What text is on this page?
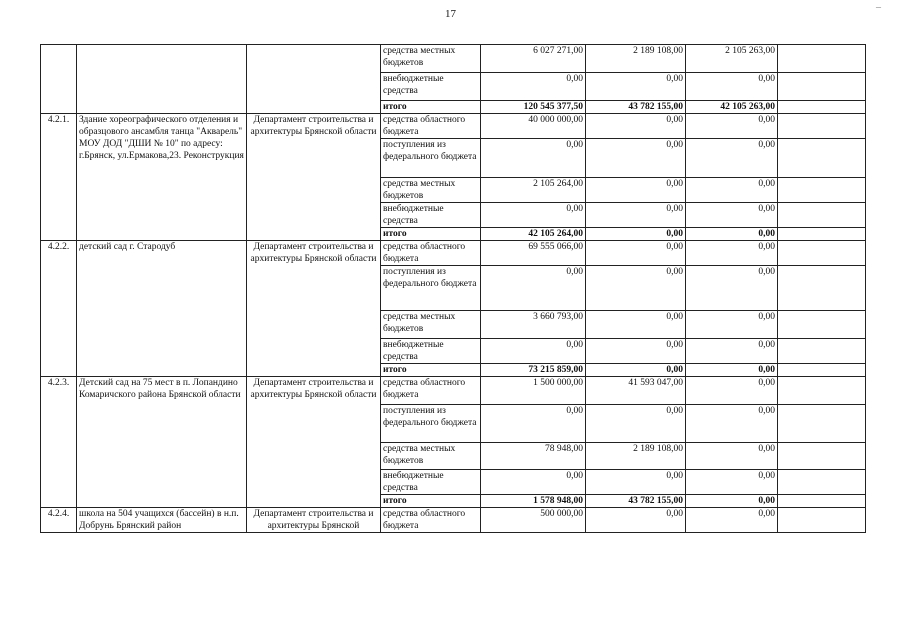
17
–
			средства местных бюджетов	6 027 271,00	2 189 108,00	2 105 263,00	
			внебюджетные средства	0,00	0,00	0,00	
			итого	120 545 377,50	43 782 155,00	42 105 263,00	
4.2.1.	Здание хореографического отделения и образцового ансамбля танца "Акварель" МОУ ДОД "ДШИ № 10" по адресу: г.Брянск, ул.Ермакова,23. Реконструкция	Департамент строительства и архитектуры Брянской области	средства областного бюджета	40 000 000,00	0,00	0,00	
			поступления из федерального бюджета	0,00	0,00	0,00	
			средства местных бюджетов	2 105 264,00	0,00	0,00	
			внебюджетные средства	0,00	0,00	0,00	
			итого	42 105 264,00	0,00	0,00	
4.2.2.	детский сад г. Стародуб	Департамент строительства и архитектуры Брянской области	средства областного бюджета	69 555 066,00	0,00	0,00	
			поступления из федерального бюджета	0,00	0,00	0,00	
			средства местных бюджетов	3 660 793,00	0,00	0,00	
			внебюджетные средства	0,00	0,00	0,00	
			итого	73 215 859,00	0,00	0,00	
4.2.3.	Детский сад на 75 мест в п. Лопандино Комаричского района Брянской области	Департамент строительства и архитектуры Брянской области	средства областного бюджета	1 500 000,00	41 593 047,00	0,00	
			поступления из федерального бюджета	0,00	0,00	0,00	
			средства местных бюджетов	78 948,00	2 189 108,00	0,00	
			внебюджетные средства	0,00	0,00	0,00	
			итого	1 578 948,00	43 782 155,00	0,00	
4.2.4.	школа на 504 учащихся (бассейн) в н.п. Добрунь Брянский район	Департамент строительства и архитектуры Брянской	средства областного бюджета	500 000,00	0,00	0,00	
